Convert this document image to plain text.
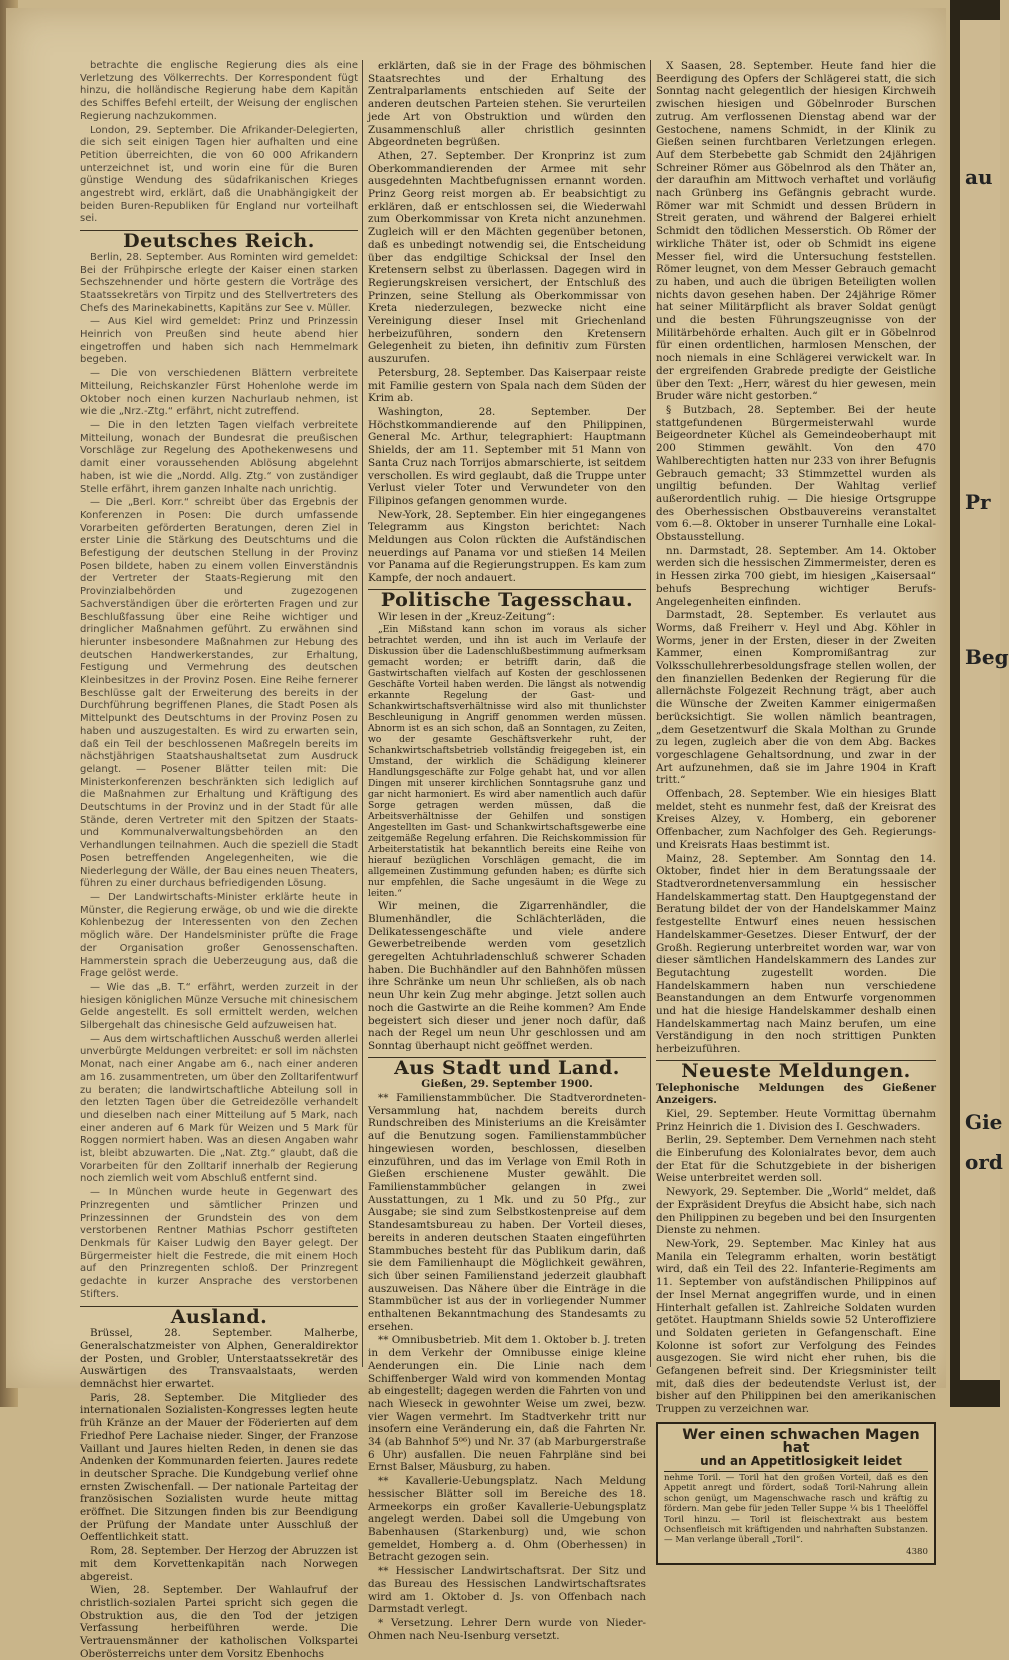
betrachte die englische Regierung dies als eine Verletzung des Völkerrechts. Der Korrespondent fügt hinzu, die holländische Regierung habe dem Kapitän des Schiffes Befehl erteilt, der Weisung der englischen Regierung nachzukommen.

London, 29. September. Die Afrikander-Delegierten, die sich seit einigen Tagen hier aufhalten und eine Petition überreichten, die von 60 000 Afrikandern unterzeichnet ist, und worin eine für die Buren günstige Wendung des südafrikanischen Krieges angestrebt wird, erklärt, daß die Unabhängigkeit der beiden Buren-Republiken für England nur vorteilhaft sei.

Deutsches Reich.

Berlin, 28. September. Aus Rominten wird gemeldet: Bei der Frühpirsche erlegte der Kaiser einen starken Sechszehnender und hörte gestern die Vorträge des Staatssekretärs von Tirpitz und des Stellvertreters des Chefs des Marinekabinetts, Kapitäns zur See v. Müller.

— Aus Kiel wird gemeldet: Prinz und Prinzessin Heinrich von Preußen sind heute abend hier eingetroffen und haben sich nach Hemmelmark begeben.

— Die von verschiedenen Blättern verbreitete Mitteilung, Reichskanzler Fürst Hohenlohe werde im Oktober noch einen kurzen Nachurlaub nehmen, ist wie die „Nrz.-Ztg.“ erfährt, nicht zutreffend.

— Die in den letzten Tagen vielfach verbreitete Mitteilung, wonach der Bundesrat die preußischen Vorschläge zur Regelung des Apothekenwesens und damit einer voraussehenden Ablösung abgelehnt haben, ist wie die „Nordd. Allg. Ztg.“ von zuständiger Stelle erfährt, ihrem ganzen Inhalte nach unrichtig.

— Die „Berl. Korr.“ schreibt über das Ergebnis der Konferenzen in Posen: Die durch umfassende Vorarbeiten geförderten Beratungen, deren Ziel in erster Linie die Stärkung des Deutschtums und die Befestigung der deutschen Stellung in der Provinz Posen bildete, haben zu einem vollen Einverständnis der Vertreter der Staats-Regierung mit den Provinzialbehörden und zugezogenen Sachverständigen über die erörterten Fragen und zur Beschlußfassung über eine Reihe wichtiger und dringlicher Maßnahmen geführt. Zu erwähnen sind hierunter insbesondere Maßnahmen zur Hebung des deutschen Handwerkerstandes, zur Erhaltung, Festigung und Vermehrung des deutschen Kleinbesitzes in der Provinz Posen. Eine Reihe fernerer Beschlüsse galt der Erweiterung des bereits in der Durchführung begriffenen Planes, die Stadt Posen als Mittelpunkt des Deutschtums in der Provinz Posen zu haben und auszugestalten. Es wird zu erwarten sein, daß ein Teil der beschlossenen Maßregeln bereits im nächstjährigen Staatshaushaltsetat zum Ausdruck gelangt. — Posener Blätter teilen mit: Die Ministerkonferenzen beschränkten sich lediglich auf die Maßnahmen zur Erhaltung und Kräftigung des Deutschtums in der Provinz und in der Stadt für alle Stände, deren Vertreter mit den Spitzen der Staats- und Kommunalverwaltungsbehörden an den Verhandlungen teilnahmen. Auch die speziell die Stadt Posen betreffenden Angelegenheiten, wie die Niederlegung der Wälle, der Bau eines neuen Theaters, führen zu einer durchaus befriedigenden Lösung.

— Der Landwirtschafts-Minister erklärte heute in Münster, die Regierung erwäge, ob und wie die direkte Kohlenbezug der Interessenten von den Zechen möglich wäre. Der Handelsminister prüfte die Frage der Organisation großer Genossenschaften. Hammerstein sprach die Ueberzeugung aus, daß die Frage gelöst werde.

— Wie das „B. T.“ erfährt, werden zurzeit in der hiesigen königlichen Münze Versuche mit chinesischem Gelde angestellt. Es soll ermittelt werden, welchen Silbergehalt das chinesische Geld aufzuweisen hat.

— Aus dem wirtschaftlichen Ausschuß werden allerlei unverbürgte Meldungen verbreitet: er soll im nächsten Monat, nach einer Angabe am 6., nach einer anderen am 16. zusammentreten, um über den Zolltarifentwurf zu beraten; die landwirtschaftliche Abteilung soll in den letzten Tagen über die Getreidezölle verhandelt und dieselben nach einer Mitteilung auf 5 Mark, nach einer anderen auf 6 Mark für Weizen und 5 Mark für Roggen normiert haben. Was an diesen Angaben wahr ist, bleibt abzuwarten. Die „Nat. Ztg.“ glaubt, daß die Vorarbeiten für den Zolltarif innerhalb der Regierung noch ziemlich weit vom Abschluß entfernt sind.

— In München wurde heute in Gegenwart des Prinzregenten und sämtlicher Prinzen und Prinzessinnen der Grundstein des von dem verstorbenen Rentner Mathias Pschorr gestifteten Denkmals für Kaiser Ludwig den Bayer gelegt. Der Bürgermeister hielt die Festrede, die mit einem Hoch auf den Prinzregenten schloß. Der Prinzregent gedachte in kurzer Ansprache des verstorbenen Stifters.

Ausland.

Brüssel, 28. September. Malherbe, Generalschatzmeister von Alphen, Generaldirektor der Posten, und Grobler, Unterstaatssekretär des Auswärtigen des Transvaalstaats, werden demnächst hier erwartet.

Paris, 28. September. Die Mitglieder des internationalen Sozialisten-Kongresses legten heute früh Kränze an der Mauer der Föderierten auf dem Friedhof Pere Lachaise nieder. Singer, der Franzose Vaillant und Jaures hielten Reden, in denen sie das Andenken der Kommunarden feierten. Jaures redete in deutscher Sprache. Die Kundgebung verlief ohne ernsten Zwischenfall. — Der nationale Parteitag der französischen Sozialisten wurde heute mittag eröffnet. Die Sitzungen finden bis zur Beendigung der Prüfung der Mandate unter Ausschluß der Oeffentlichkeit statt.

Rom, 28. September. Der Herzog der Abruzzen ist mit dem Korvettenkapitän nach Norwegen abgereist.

Wien, 28. September. Der Wahlaufruf der christlich-sozialen Partei spricht sich gegen die Obstruktion aus, die den Tod der jetzigen Verfassung herbeiführen werde. Die Vertrauensmänner der katholischen Volkspartei Oberösterreichs unter dem Vorsitz Ebenhochs

erklärten, daß sie in der Frage des böhmischen Staatsrechtes und der Erhaltung des Zentralparlaments entschieden auf Seite der anderen deutschen Parteien stehen. Sie verurteilen jede Art von Obstruktion und würden den Zusammenschluß aller christlich gesinnten Abgeordneten begrüßen.

Athen, 27. September. Der Kronprinz ist zum Oberkommandierenden der Armee mit sehr ausgedehnten Machtbefugnissen ernannt worden. Prinz Georg reist morgen ab. Er beabsichtigt zu erklären, daß er entschlossen sei, die Wiederwahl zum Oberkommissar von Kreta nicht anzunehmen. Zugleich will er den Mächten gegenüber betonen, daß es unbedingt notwendig sei, die Entscheidung über das endgiltige Schicksal der Insel den Kretensern selbst zu überlassen. Dagegen wird in Regierungskreisen versichert, der Entschluß des Prinzen, seine Stellung als Oberkommissar von Kreta niederzulegen, bezwecke nicht eine Vereinigung dieser Insel mit Griechenland herbeizuführen, sondern den Kretensern Gelegenheit zu bieten, ihn definitiv zum Fürsten auszurufen.

Petersburg, 28. September. Das Kaiserpaar reiste mit Familie gestern von Spala nach dem Süden der Krim ab.

Washington, 28. September. Der Höchstkommandierende auf den Philippinen, General Mc. Arthur, telegraphiert: Hauptmann Shields, der am 11. September mit 51 Mann von Santa Cruz nach Torrijos abmarschierte, ist seitdem verschollen. Es wird geglaubt, daß die Truppe unter Verlust vieler Toter und Verwundeter von den Filipinos gefangen genommen wurde.

New-York, 28. September. Ein hier eingegangenes Telegramm aus Kingston berichtet: Nach Meldungen aus Colon rückten die Aufständischen neuerdings auf Panama vor und stießen 14 Meilen vor Panama auf die Regierungstruppen. Es kam zum Kampfe, der noch andauert.

Politische Tagesschau.

Wir lesen in der „Kreuz-Zeitung“:

„Ein Mißstand kann schon im voraus als sicher betrachtet werden, und ihn ist auch im Verlaufe der Diskussion über die Ladenschlußbestimmung aufmerksam gemacht worden; er betrifft darin, daß die Gastwirtschaften vielfach auf Kosten der geschlossenen Geschäfte Vorteil haben werden. Die längst als notwendig erkannte Regelung der Gast- und Schankwirtschaftsverhältnisse wird also mit thunlichster Beschleunigung in Angriff genommen werden müssen. Abnorm ist es an sich schon, daß an Sonntagen, zu Zeiten, wo der gesamte Geschäftsverkehr ruht, der Schankwirtschaftsbetrieb vollständig freigegeben ist, ein Umstand, der wirklich die Schädigung kleinerer Handlungsgeschäfte zur Folge gehabt hat, und vor allen Dingen mit unserer kirchlichen Sonntagsruhe ganz und gar nicht harmoniert. Es wird aber namentlich auch dafür Sorge getragen werden müssen, daß die Arbeitsverhältnisse der Gehilfen und sonstigen Angestellten im Gast- und Schankwirtschaftsgewerbe eine zeitgemäße Regelung erfahren. Die Reichskommission für Arbeiterstatistik hat bekanntlich bereits eine Reihe von hierauf bezüglichen Vorschlägen gemacht, die im allgemeinen Zustimmung gefunden haben; es dürfte sich nur empfehlen, die Sache ungesäumt in die Wege zu leiten.“

Wir meinen, die Zigarrenhändler, die Blumenhändler, die Schlächterläden, die Delikatessengeschäfte und viele andere Gewerbetreibende werden vom gesetzlich geregelten Achtuhrladenschluß schwerer Schaden haben. Die Buchhändler auf den Bahnhöfen müssen ihre Schränke um neun Uhr schließen, als ob nach neun Uhr kein Zug mehr abginge. Jetzt sollen auch noch die Gastwirte an die Reihe kommen? Am Ende begeistert sich dieser und jener noch dafür, daß nach der Regel um neun Uhr geschlossen und am Sonntag überhaupt nicht geöffnet werden.

Aus Stadt und Land.
Gießen, 29. September 1900.

** Familienstammbücher. Die Stadtverordneten-Versammlung hat, nachdem bereits durch Rundschreiben des Ministeriums an die Kreisämter auf die Benutzung sogen. Familienstammbücher hingewiesen worden, beschlossen, dieselben einzuführen, und das im Verlage von Emil Roth in Gießen erschienene Muster gewählt. Die Familienstammbücher gelangen in zwei Ausstattungen, zu 1 Mk. und zu 50 Pfg., zur Ausgabe; sie sind zum Selbstkostenpreise auf dem Standesamtsbureau zu haben. Der Vorteil dieses, bereits in anderen deutschen Staaten eingeführten Stammbuches besteht für das Publikum darin, daß sie dem Familienhaupt die Möglichkeit gewähren, sich über seinen Familienstand jederzeit glaubhaft auszuweisen. Das Nähere über die Einträge in die Stammbücher ist aus der in vorliegender Nummer enthaltenen Bekanntmachung des Standesamts zu ersehen.

** Omnibusbetrieb. Mit dem 1. Oktober b. J. treten in dem Verkehr der Omnibusse einige kleine Aenderungen ein. Die Linie nach dem Schiffenberger Wald wird von kommenden Montag ab eingestellt; dagegen werden die Fahrten von und nach Wieseck in gewohnter Weise um zwei, bezw. vier Wagen vermehrt. Im Stadtverkehr tritt nur insofern eine Veränderung ein, daß die Fahrten Nr. 34 (ab Bahnhof 5⁰⁶) und Nr. 37 (ab Marburgerstraße 6 Uhr) ausfallen. Die neuen Fahrpläne sind bei Ernst Balser, Mäusburg, zu haben.

** Kavallerie-Uebungsplatz. Nach Meldung hessischer Blätter soll im Bereiche des 18. Armeekorps ein großer Kavallerie-Uebungsplatz angelegt werden. Dabei soll die Umgebung von Babenhausen (Starkenburg) und, wie schon gemeldet, Homberg a. d. Ohm (Oberhessen) in Betracht gezogen sein.

** Hessischer Landwirtschaftsrat. Der Sitz und das Bureau des Hessischen Landwirtschaftsrates wird am 1. Oktober d. Js. von Offenbach nach Darmstadt verlegt.

* Versetzung. Lehrer Dern wurde von Nieder-Ohmen nach Neu-Isenburg versetzt.

X Saasen, 28. September. Heute fand hier die Beerdigung des Opfers der Schlägerei statt, die sich Sonntag nacht gelegentlich der hiesigen Kirchweih zwischen hiesigen und Göbelnroder Burschen zutrug. Am verflossenen Dienstag abend war der Gestochene, namens Schmidt, in der Klinik zu Gießen seinen furchtbaren Verletzungen erlegen. Auf dem Sterbebette gab Schmidt den 24jährigen Schreiner Römer aus Göbelnrod als den Thäter an, der daraufhin am Mittwoch verhaftet und vorläufig nach Grünberg ins Gefängnis gebracht wurde. Römer war mit Schmidt und dessen Brüdern in Streit geraten, und während der Balgerei erhielt Schmidt den tödlichen Messerstich. Ob Römer der wirkliche Thäter ist, oder ob Schmidt ins eigene Messer fiel, wird die Untersuchung feststellen. Römer leugnet, von dem Messer Gebrauch gemacht zu haben, und auch die übrigen Beteiligten wollen nichts davon gesehen haben. Der 24jährige Römer hat seiner Militärpflicht als braver Soldat genügt und die besten Führungszeugnisse von der Militärbehörde erhalten. Auch gilt er in Göbelnrod für einen ordentlichen, harmlosen Menschen, der noch niemals in eine Schlägerei verwickelt war. In der ergreifenden Grabrede predigte der Geistliche über den Text: „Herr, wärest du hier gewesen, mein Bruder wäre nicht gestorben.“

§ Butzbach, 28. September. Bei der heute stattgefundenen Bürgermeisterwahl wurde Beigeordneter Küchel als Gemeindeoberhaupt mit 200 Stimmen gewählt. Von den 470 Wahlberechtigten hatten nur 233 von ihrer Befugnis Gebrauch gemacht; 33 Stimmzettel wurden als ungiltig befunden. Der Wahltag verlief außerordentlich ruhig. — Die hiesige Ortsgruppe des Oberhessischen Obstbauvereins veranstaltet vom 6.—8. Oktober in unserer Turnhalle eine Lokal-Obstausstellung.

nn. Darmstadt, 28. September. Am 14. Oktober werden sich die hessischen Zimmermeister, deren es in Hessen zirka 700 giebt, im hiesigen „Kaisersaal“ behufs Besprechung wichtiger Berufs-Angelegenheiten einfinden.

Darmstadt, 28. September. Es verlautet aus Worms, daß Freiherr v. Heyl und Abg. Köhler in Worms, jener in der Ersten, dieser in der Zweiten Kammer, einen Kompromißantrag zur Volksschullehrerbesoldungsfrage stellen wollen, der den finanziellen Bedenken der Regierung für die allernächste Folgezeit Rechnung trägt, aber auch die Wünsche der Zweiten Kammer einigermaßen berücksichtigt. Sie wollen nämlich beantragen, „dem Gesetzentwurf die Skala Molthan zu Grunde zu legen, zugleich aber die von dem Abg. Backes vorgeschlagene Gehaltsordnung, und zwar in der Art aufzunehmen, daß sie im Jahre 1904 in Kraft tritt.“

Offenbach, 28. September. Wie ein hiesiges Blatt meldet, steht es nunmehr fest, daß der Kreisrat des Kreises Alzey, v. Homberg, ein geborener Offenbacher, zum Nachfolger des Geh. Regierungs- und Kreisrats Haas bestimmt ist.

Mainz, 28. September. Am Sonntag den 14. Oktober, findet hier in dem Beratungssaale der Stadtverordnetenversammlung ein hessischer Handelskammertag statt. Den Hauptgegenstand der Beratung bildet der von der Handelskammer Mainz festgestellte Entwurf eines neuen hessischen Handelskammer-Gesetzes. Dieser Entwurf, der der Großh. Regierung unterbreitet worden war, war von dieser sämtlichen Handelskammern des Landes zur Begutachtung zugestellt worden. Die Handelskammern haben nun verschiedene Beanstandungen an dem Entwurfe vorgenommen und hat die hiesige Handelskammer deshalb einen Handelskammertag nach Mainz berufen, um eine Verständigung in den noch strittigen Punkten herbeizuführen.

Neueste Meldungen.

Telephonische Meldungen des Gießener Anzeigers.

Kiel, 29. September. Heute Vormittag übernahm Prinz Heinrich die 1. Division des I. Geschwaders.

Berlin, 29. September. Dem Vernehmen nach steht die Einberufung des Kolonialrates bevor, dem auch der Etat für die Schutzgebiete in der bisherigen Weise unterbreitet werden soll.

Newyork, 29. September. Die „World“ meldet, daß der Expräsident Dreyfus die Absicht habe, sich nach den Philippinen zu begeben und bei den Insurgenten Dienste zu nehmen.

New-York, 29. September. Mac Kinley hat aus Manila ein Telegramm erhalten, worin bestätigt wird, daß ein Teil des 22. Infanterie-Regiments am 11. September von aufständischen Philippinos auf der Insel Mernat angegriffen wurde, und in einen Hinterhalt gefallen ist. Zahlreiche Soldaten wurden getötet. Hauptmann Shields sowie 52 Unteroffiziere und Soldaten gerieten in Gefangenschaft. Eine Kolonne ist sofort zur Verfolgung des Feindes ausgezogen. Sie wird nicht eher ruhen, bis die Gefangenen befreit sind. Der Kriegsminister teilt mit, daß dies der bedeutendste Verlust ist, der bisher auf den Philippinen bei den amerikanischen Truppen zu verzeichnen war.

Wer einen schwachen Magen hat

und an Appetitlosigkeit leidet

nehme Toril. — Toril hat den großen Vorteil, daß es den Appetit anregt und fördert, sodaß Toril-Nahrung allein schon genügt, um Magenschwache rasch und kräftig zu fördern. Man gebe für jeden Teller Suppe ¼ bis 1 Theelöffel Toril hinzu. — Toril ist fleischextrakt aus bestem Ochsenfleisch mit kräftigenden und nahrhaften Substanzen. — Man verlange überall „Toril“.
4380
au
Pr
Beg
Gie
ord
